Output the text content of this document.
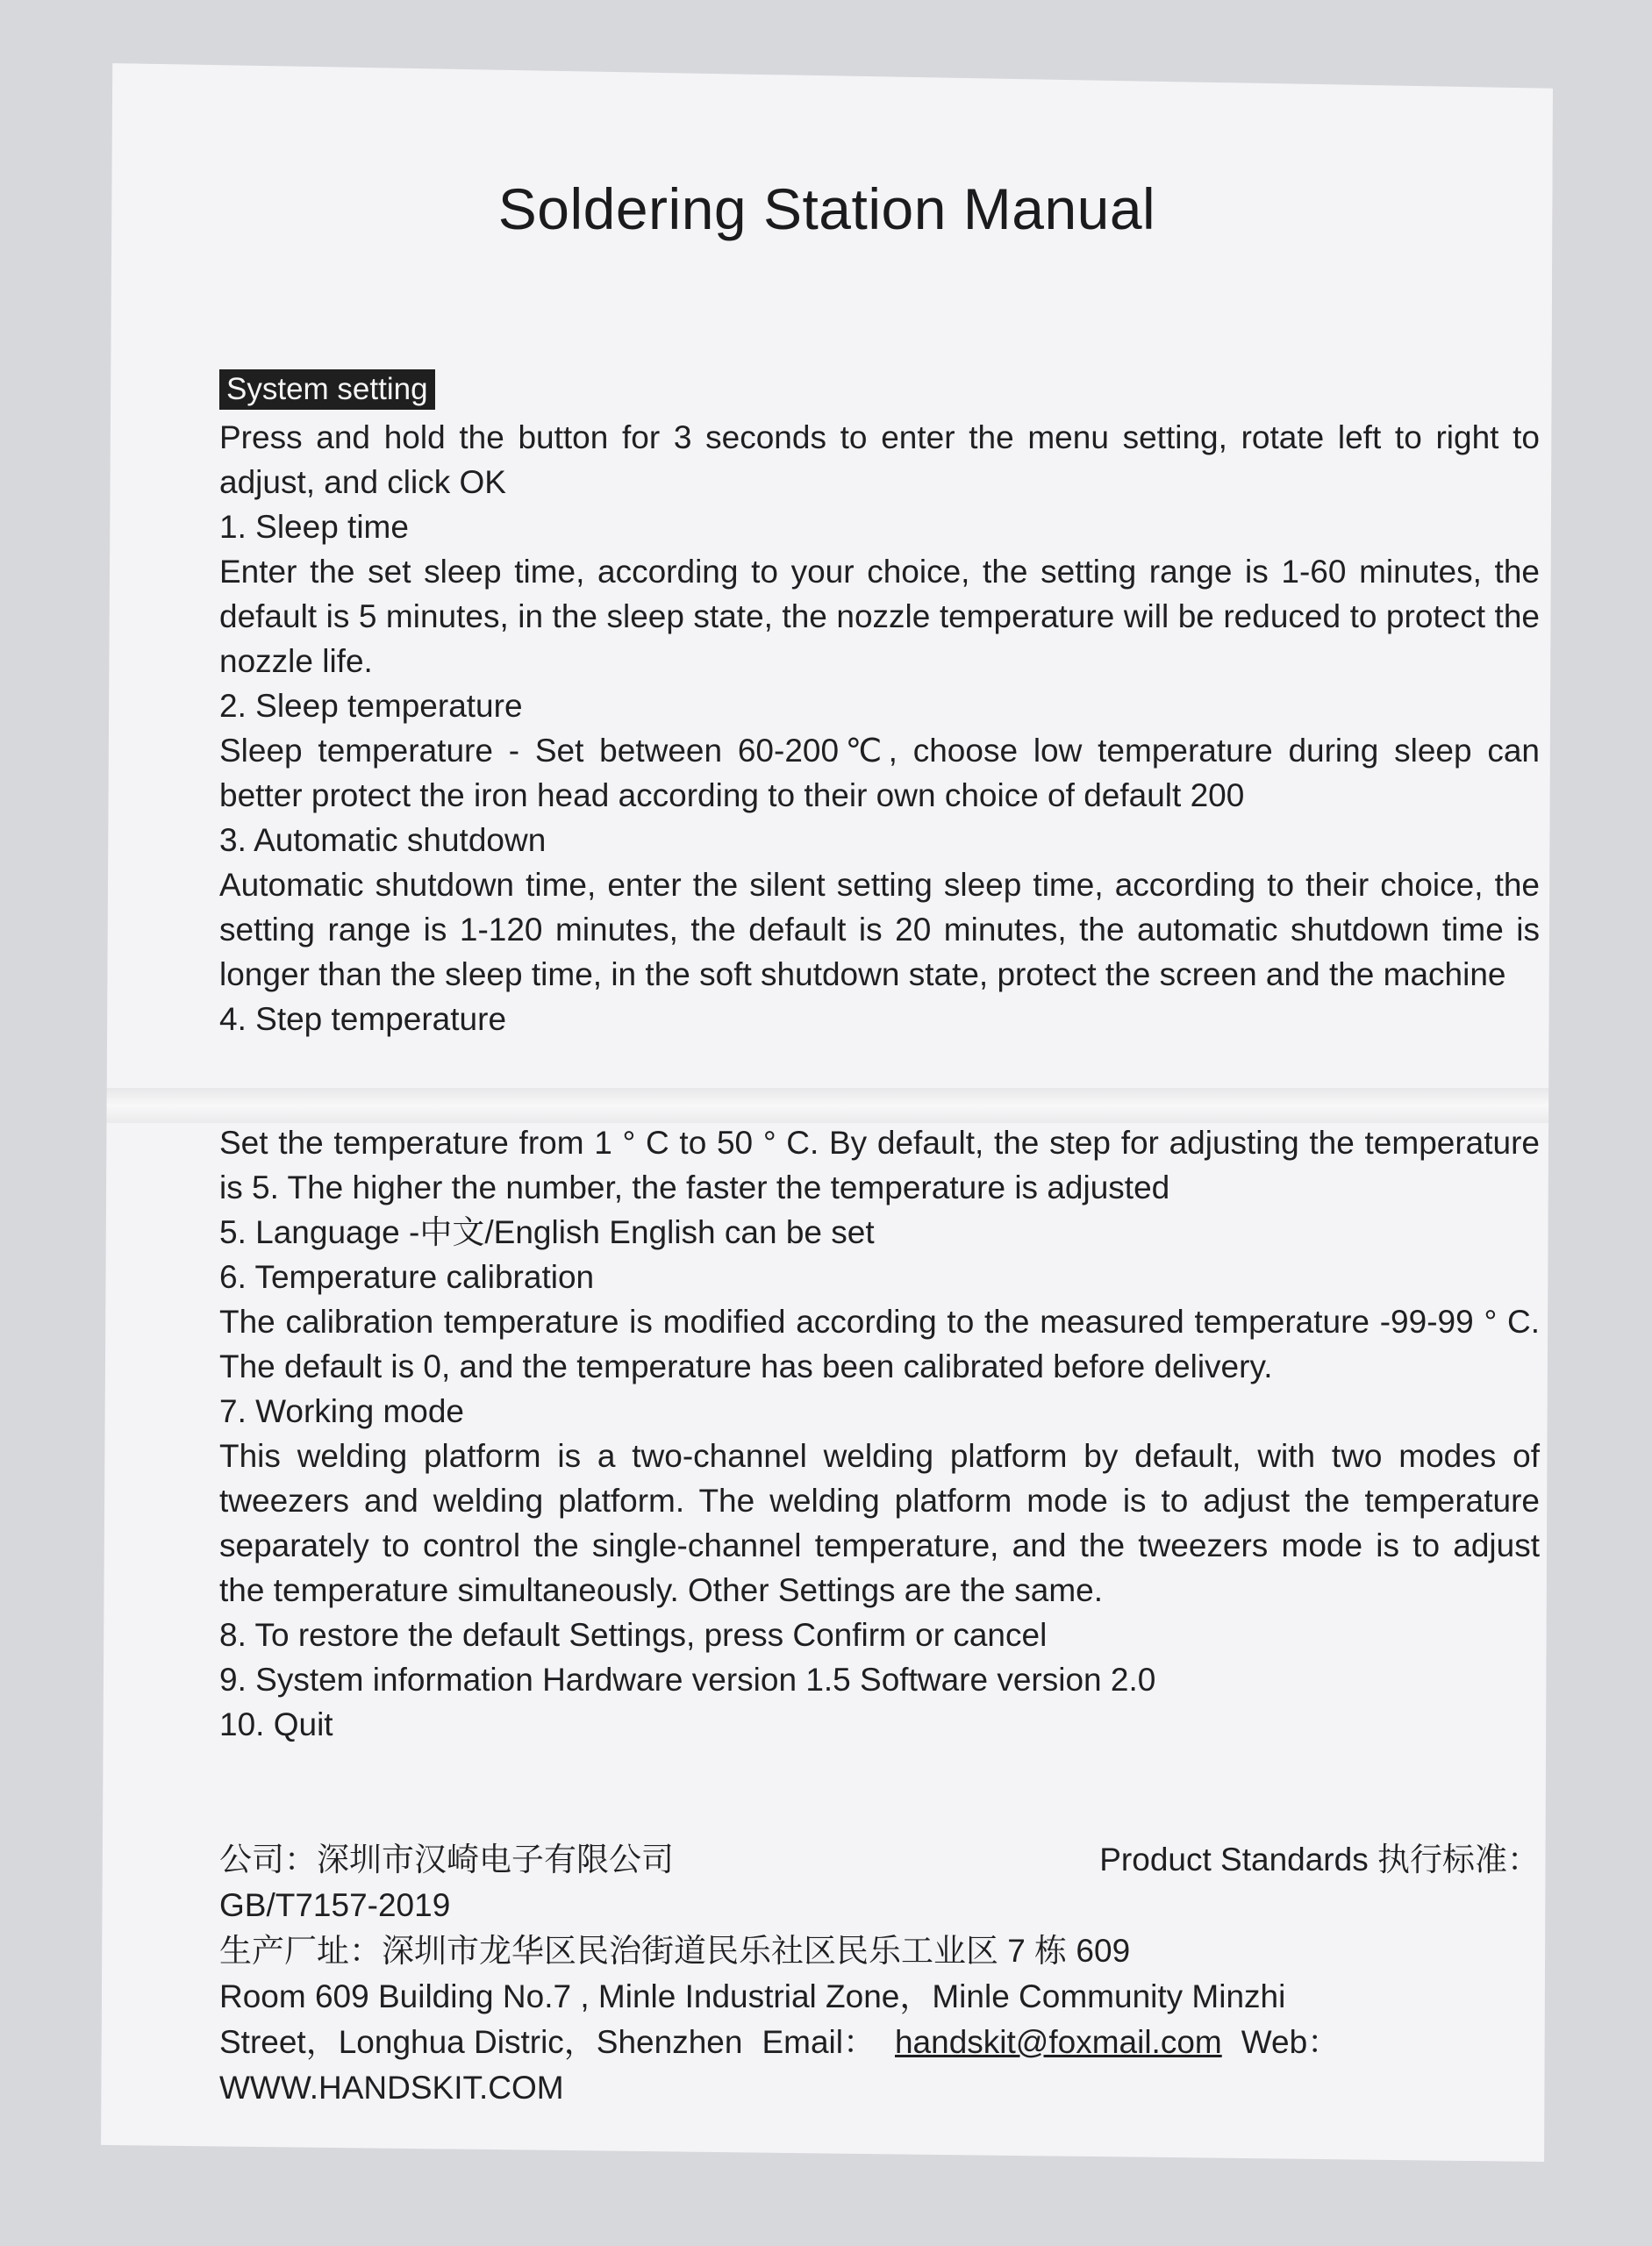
Soldering Station Manual
System setting

Press and hold the button for 3 seconds to enter the menu setting, rotate left to right to adjust, and click OK

1. Sleep time

Enter the set sleep time, according to your choice, the setting range is 1-60 minutes, the default is 5 minutes, in the sleep state, the nozzle temperature will be reduced to protect the nozzle life.

2. Sleep temperature

Sleep temperature - Set between 60-200℃, choose low temperature during sleep can better protect the iron head according to their own choice of default 200

3. Automatic shutdown

Automatic shutdown time, enter the silent setting sleep time, according to their choice, the setting range is 1-120 minutes, the default is 20 minutes, the automatic shutdown time is longer than the sleep time, in the soft shutdown state, protect the screen and the machine

4. Step temperature

Set the temperature from 1 ° C to 50 ° C. By default, the step for adjusting the temperature is 5. The higher the number, the faster the temperature is adjusted

5. Language -中文/English English can be set

6. Temperature calibration

The calibration temperature is modified according to the measured temperature -99-99 ° C. The default is 0, and the temperature has been calibrated before delivery.

7. Working mode

This welding platform is a two-channel welding platform by default, with two modes of tweezers and welding platform. The welding platform mode is to adjust the temperature separately to control the single-channel temperature, and the tweezers mode is to adjust the temperature simultaneously. Other Settings are the same.

8. To restore the default Settings, press Confirm or cancel

9. System information Hardware version 1.5 Software version 2.0

10. Quit

公司：深圳市汉崎电子有限公司	Product Standards 执行标准：
GB/T7157-2019
生产厂址：深圳市龙华区民治街道民乐社区民乐工业区 7 栋 609
Room 609 Building No.7 , Minle Industrial Zone，Minle Community Minzhi
Street，Longhua Distric，Shenzhen Email： handskit@foxmail.com Web：
WWW.HANDSKIT.COM
